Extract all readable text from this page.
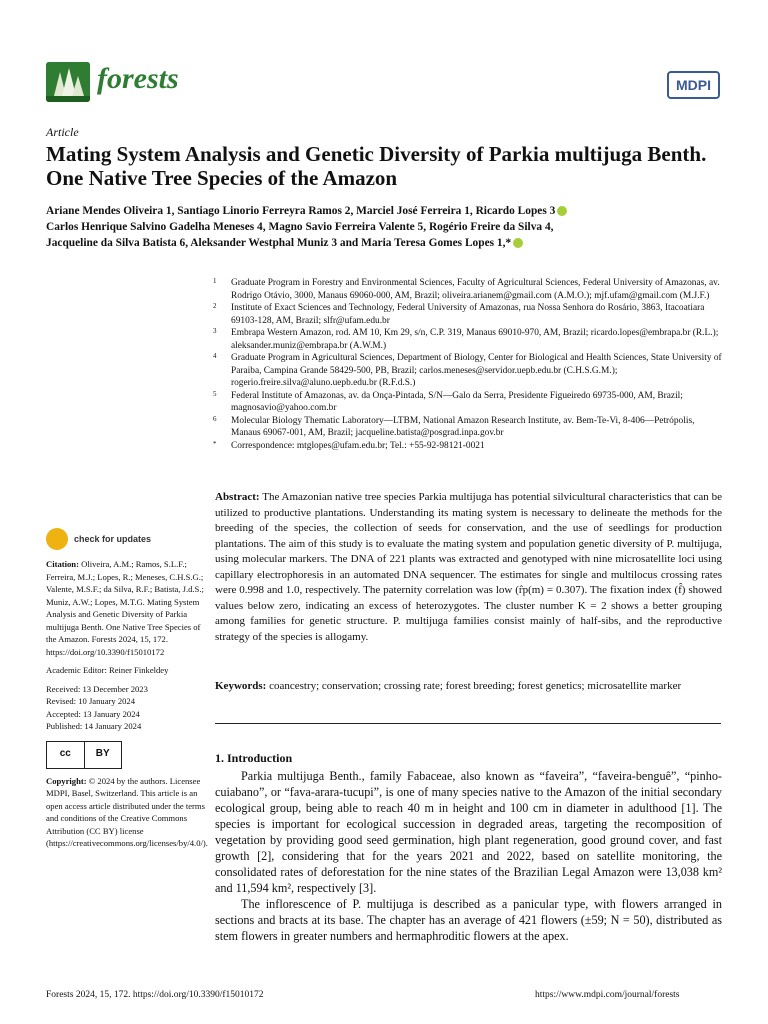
forests	MDPI
Article
Mating System Analysis and Genetic Diversity of Parkia multijuga Benth. One Native Tree Species of the Amazon
Ariane Mendes Oliveira 1, Santiago Linorio Ferreyra Ramos 2, Marciel José Ferreira 1, Ricardo Lopes 3
Carlos Henrique Salvino Gadelha Meneses 4, Magno Savio Ferreira Valente 5, Rogério Freire da Silva 4,
Jacqueline da Silva Batista 6, Aleksander Westphal Muniz 3 and Maria Teresa Gomes Lopes 1,*
1 Graduate Program in Forestry and Environmental Sciences, Faculty of Agricultural Sciences, Federal University of Amazonas, av. Rodrigo Otávio, 3000, Manaus 69060-000, AM, Brazil; oliveira.arianem@gmail.com (A.M.O.); mjf.ufam@gmail.com (M.J.F.)
2 Institute of Exact Sciences and Technology, Federal University of Amazonas, rua Nossa Senhora do Rosário, 3863, Itacoatiara 69103-128, AM, Brazil; slfr@ufam.edu.br
3 Embrapa Western Amazon, rod. AM 10, Km 29, s/n, C.P. 319, Manaus 69010-970, AM, Brazil; ricardo.lopes@embrapa.br (R.L.); aleksander.muniz@embrapa.br (A.W.M.)
4 Graduate Program in Agricultural Sciences, Department of Biology, Center for Biological and Health Sciences, State University of Paraiba, Campina Grande 58429-500, PB, Brazil; carlos.meneses@servidor.uepb.edu.br (C.H.S.G.M.); rogerio.freire.silva@aluno.uepb.edu.br (R.F.d.S.)
5 Federal Institute of Amazonas, av. da Onça-Pintada, S/N—Galo da Serra, Presidente Figueiredo 69735-000, AM, Brazil; magnosavio@yahoo.com.br
6 Molecular Biology Thematic Laboratory—LTBM, National Amazon Research Institute, av. Bem-Te-Vi, 8-406—Petrópolis, Manaus 69067-001, AM, Brazil; jacqueline.batista@posgrad.inpa.gov.br
* Correspondence: mtglopes@ufam.edu.br; Tel.: +55-92-98121-0021
Abstract: The Amazonian native tree species Parkia multijuga has potential silvicultural characteristics that can be utilized to productive plantations. Understanding its mating system is necessary to delineate the methods for the breeding of the species, the collection of seeds for conservation, and the use of seedlings for production plantations. The aim of this study is to evaluate the mating system and population genetic diversity of P. multijuga, using molecular markers. The DNA of 221 plants was extracted and genotyped with nine microsatellite loci using capillary electrophoresis in an automated DNA sequencer. The estimates for single and multilocus crossing rates were 0.998 and 1.0, respectively. The paternity correlation was low (r̂p(m) = 0.307). The fixation index (f̂) showed values below zero, indicating an excess of heterozygotes. The cluster number K = 2 shows a better grouping among families for genetic structure. P. multijuga families consist mainly of half-sibs, and the reproductive strategy of the species is allogamy.
Keywords: coancestry; conservation; crossing rate; forest breeding; forest genetics; microsatellite marker
check for updates

Citation: Oliveira, A.M.; Ramos, S.L.F.; Ferreira, M.J.; Lopes, R.; Meneses, C.H.S.G.; Valente, M.S.F.; da Silva, R.F.; Batista, J.d.S.; Muniz, A.W.; Lopes, M.T.G. Mating System Analysis and Genetic Diversity of Parkia multijuga Benth. One Native Tree Species of the Amazon. Forests 2024, 15, 172. https://doi.org/10.3390/f15010172

Academic Editor: Reiner Finkeldey

Received: 13 December 2023
Revised: 10 January 2024
Accepted: 13 January 2024
Published: 14 January 2024
cc	BY

Copyright: © 2024 by the authors. Licensee MDPI, Basel, Switzerland. This article is an open access article distributed under the terms and conditions of the Creative Commons Attribution (CC BY) license (https://creativecommons.org/licenses/by/4.0/).

1. Introduction

Parkia multijuga Benth., family Fabaceae, also known as “faveira”, “faveira-benguê”, “pinho-cuiabano”, or “fava-arara-tucupi”, is one of many species native to the Amazon of the initial secondary ecological group, being able to reach 40 m in height and 100 cm in diameter in adulthood [1]. The species is important for ecological succession in degraded areas, targeting the recomposition of vegetation by providing good seed germination, high plant regeneration, good ground cover, and fast growth [2], considering that for the years 2021 and 2022, based on satellite monitoring, the consolidated rates of deforestation for the nine states of the Brazilian Legal Amazon were 13,038 km² and 11,594 km², respectively [3].

The inflorescence of P. multijuga is described as a panicular type, with flowers arranged in sections and bracts at its base. The chapter has an average of 421 flowers (±59; N = 50), distributed as stem flowers in greater numbers and hermaphroditic flowers at the apex.

Forests 2024, 15, 172. https://doi.org/10.3390/f15010172	https://www.mdpi.com/journal/forests
